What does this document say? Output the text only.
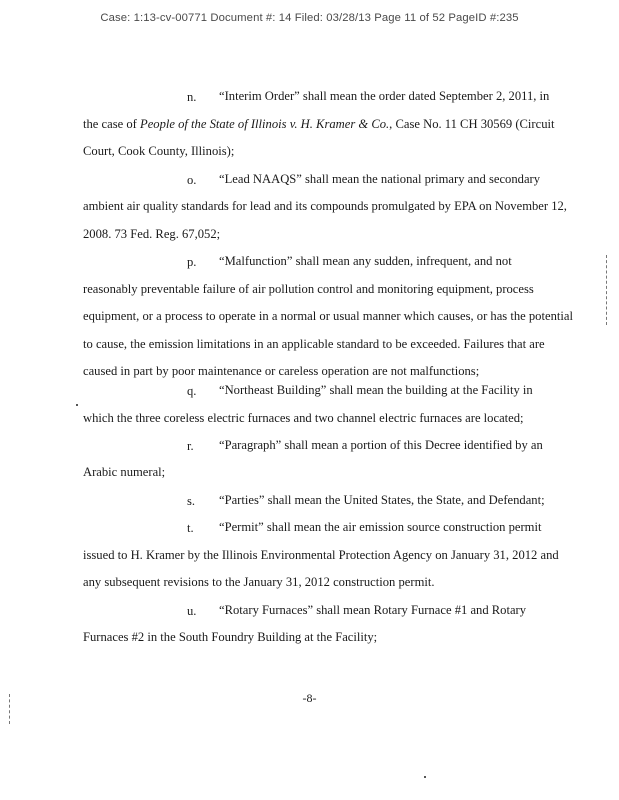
Case: 1:13-cv-00771 Document #: 14 Filed: 03/28/13 Page 11 of 52 PageID #:235
n. “Interim Order” shall mean the order dated September 2, 2011, in
the case of People of the State of Illinois v. H. Kramer & Co., Case No. 11 CH 30569 (Circuit
Court, Cook County, Illinois);
o. “Lead NAAQS” shall mean the national primary and secondary
ambient air quality standards for lead and its compounds promulgated by EPA on November 12,
2008. 73 Fed. Reg. 67,052;
p. “Malfunction” shall mean any sudden, infrequent, and not
reasonably preventable failure of air pollution control and monitoring equipment, process
equipment, or a process to operate in a normal or usual manner which causes, or has the potential
to cause, the emission limitations in an applicable standard to be exceeded. Failures that are
caused in part by poor maintenance or careless operation are not malfunctions;
q. “Northeast Building” shall mean the building at the Facility in
which the three coreless electric furnaces and two channel electric furnaces are located;
r. “Paragraph” shall mean a portion of this Decree identified by an
Arabic numeral;
s. “Parties” shall mean the United States, the State, and Defendant;
t. “Permit” shall mean the air emission source construction permit
issued to H. Kramer by the Illinois Environmental Protection Agency on January 31, 2012 and
any subsequent revisions to the January 31, 2012 construction permit.
u. “Rotary Furnaces” shall mean Rotary Furnace #1 and Rotary
Furnaces #2 in the South Foundry Building at the Facility;
-8-
